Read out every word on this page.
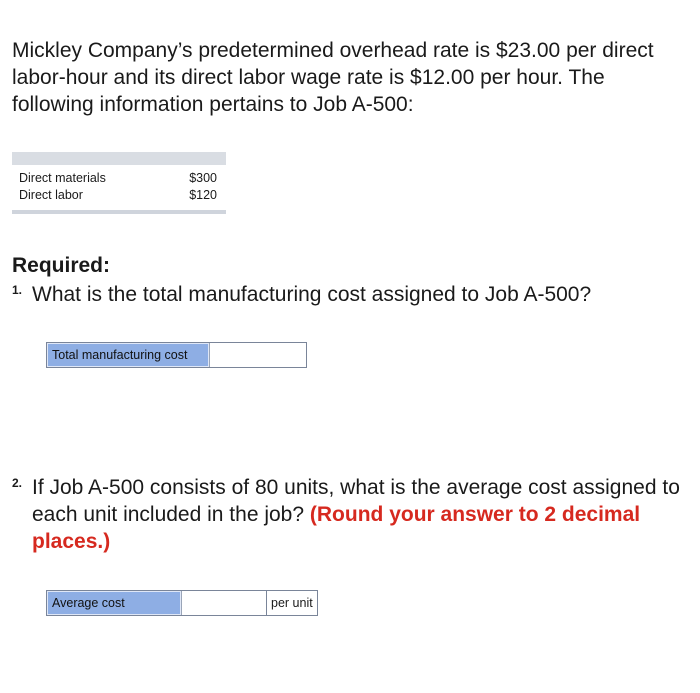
Mickley Company’s predetermined overhead rate is $23.00 per direct labor-hour and its direct labor wage rate is $12.00 per hour. The following information pertains to Job A-500:

Direct materials	$300
Direct labor	$120

Required:

1. What is the total manufacturing cost assigned to Job A-500?

Total manufacturing cost

2. If Job A-500 consists of 80 units, what is the average cost assigned to each unit included in the job? (Round your answer to 2 decimal places.)

Average cost	per unit
